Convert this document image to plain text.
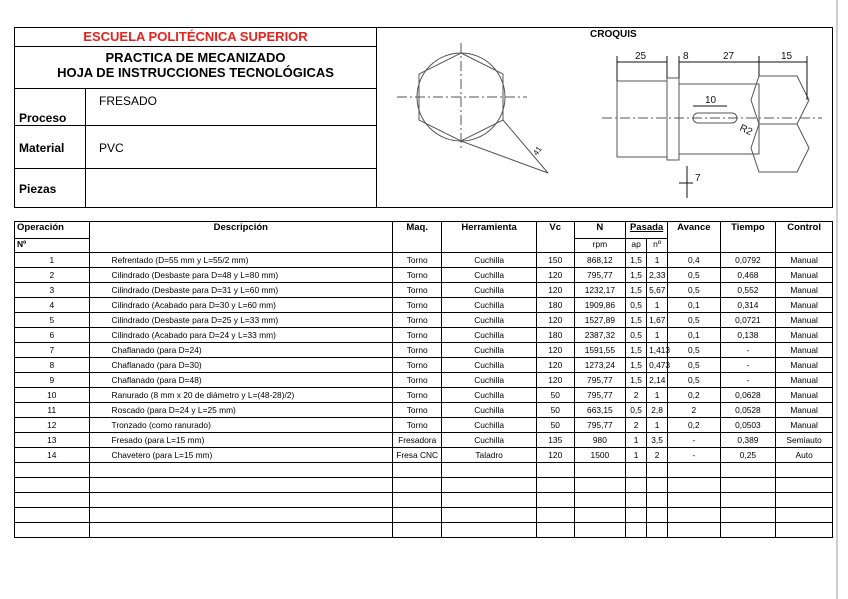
ESCUELA POLITÉCNICA SUPERIOR
PRACTICA DE MECANIZADO
HOJA DE INSTRUCCIONES TECNOLÓGICAS
Proceso
FRESADO
Material	PVC
Piezas
CROQUIS
25	8	27	15
10
R2
7
41
Operación	Descripción	Maq.	Herramienta	Vc	N	Pasada		Avance	Tiempo	Control
Nº					rpm	ap	nº			
1	Refrentado (D=55 mm y L=55/2 mm)	Torno	Cuchilla	150	868,12	1,5	1	0,4	0,0792	Manual
2	Cilindrado (Desbaste para D=48 y L=80 mm)	Torno	Cuchilla	120	795,77	1,5	2,33	0,5	0,468	Manual
3	Cilindrado (Desbaste para D=31 y L=60 mm)	Torno	Cuchilla	120	1232,17	1,5	5,67	0,5	0,552	Manual
4	Cilindrado (Acabado para D=30 y L=60 mm)	Torno	Cuchilla	180	1909,86	0,5	1	0,1	0,314	Manual
5	Cilindrado (Desbaste para D=25 y L=33 mm)	Torno	Cuchilla	120	1527,89	1,5	1,67	0,5	0,0721	Manual
6	Cilindrado (Acabado para D=24 y L=33 mm)	Torno	Cuchilla	180	2387,32	0,5	1	0,1	0,138	Manual
7	Chaflanado (para D=24)	Torno	Cuchilla	120	1591,55	1,5	1,413	0,5	-	Manual
8	Chaflanado (para D=30)	Torno	Cuchilla	120	1273,24	1,5	0,473	0,5	-	Manual
9	Chaflanado (para D=48)	Torno	Cuchilla	120	795,77	1,5	2,14	0,5	-	Manual
10	Ranurado (8 mm x 20 de diámetro y L=(48-28)/2)	Torno	Cuchilla	50	795,77	2	1	0,2	0,0628	Manual
11	Roscado (para D=24 y L=25 mm)	Torno	Cuchilla	50	663,15	0,5	2,8	2	0,0528	Manual
12	Tronzado (como ranurado)	Torno	Cuchilla	50	795,77	2	1	0,2	0,0503	Manual
13	Fresado (para L=15 mm)	Fresadora	Cuchilla	135	980	1	3,5	-	0,389	Semiauto
14	Chavetero (para L=15 mm)	Fresa CNC	Taladro	120	1500	1	2	-	0,25	Auto
